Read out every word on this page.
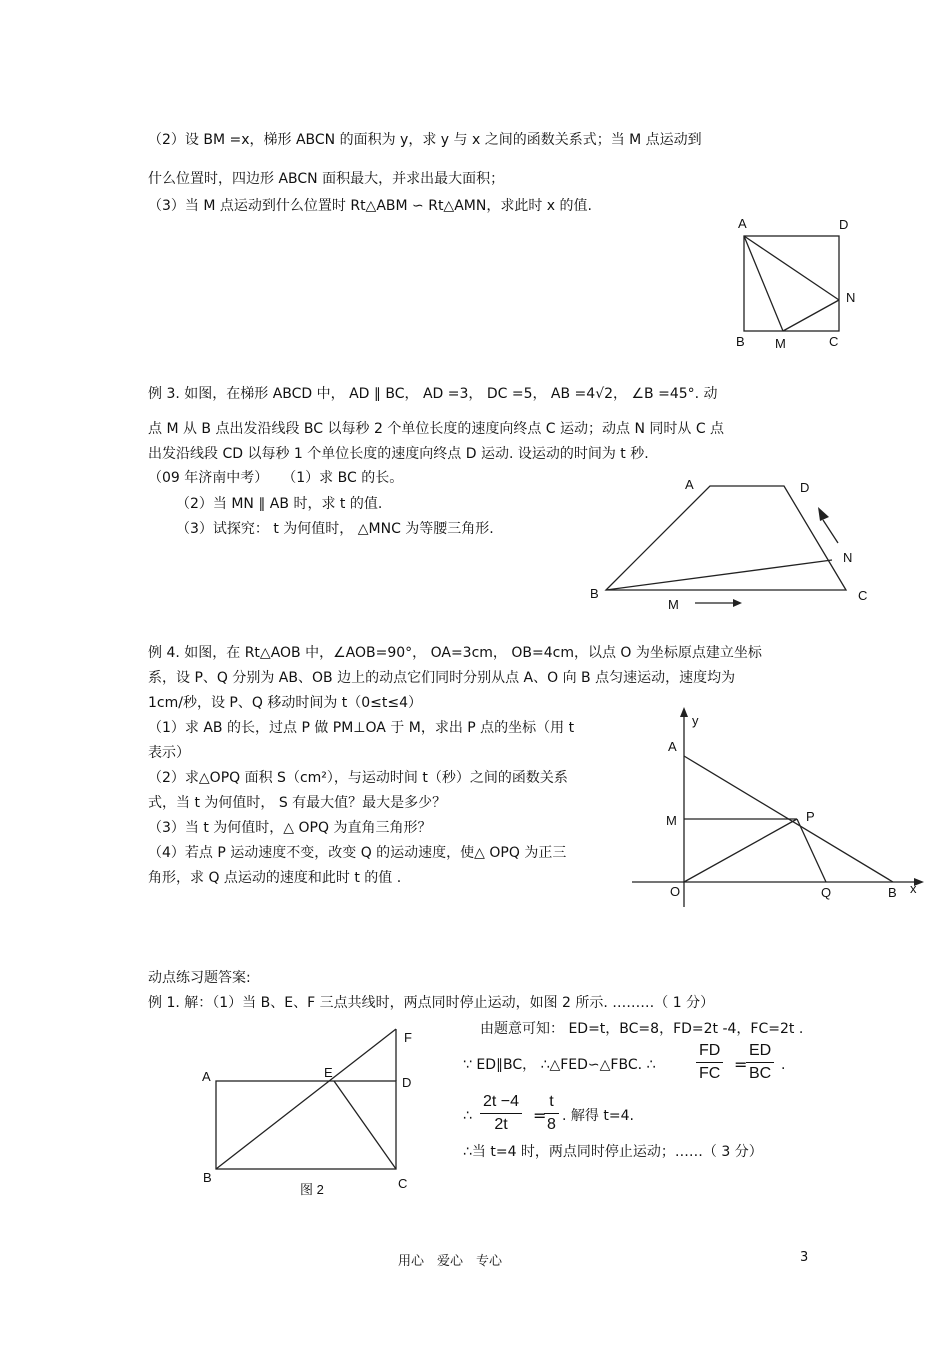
（2）设 BM =x，梯形 ABCN 的面积为 y，求 y 与 x 之间的函数关系式；当 M 点运动到
什么位置时，四边形 ABCN 面积最大，并求出最大面积；
（3）当 M 点运动到什么位置时 Rt△ABM ∽ Rt△AMN，求此时 x 的值.
A	D
N
B M	C
例 3. 如图，在梯形 ABCD 中， AD ∥ BC， AD =3， DC =5， AB =4√2， ∠B =45°. 动
点 M 从 B 点出发沿线段 BC 以每秒 2 个单位长度的速度向终点 C 运动；动点 N 同时从 C 点
出发沿线段 CD 以每秒 1 个单位长度的速度向终点 D 运动. 设运动的时间为 t 秒.
（09 年济南中考）　　（1）求 BC 的长。
（2）当 MN ∥ AB 时，求 t 的值.
（3）试探究： t 为何值时， △MNC 为等腰三角形.
A	D
N
B
M
C
例 4. 如图，在 Rt△AOB 中，∠AOB=90°， OA=3cm， OB=4cm，以点 O 为坐标原点建立坐标
系，设 P、Q 分别为 AB、OB 边上的动点它们同时分别从点 A、O 向 B 点匀速运动，速度均为
1cm/秒，设 P、Q 移动时间为 t（0≤t≤4）
（1）求 AB 的长，过点 P 做 PM⊥OA 于 M，求出 P 点的坐标（用 t
表示）
（2）求△OPQ 面积 S（cm²），与运动时间 t（秒）之间的函数关系
式，当 t 为何值时， S 有最大值？最大是多少？
（3）当 t 为何值时，△ OPQ 为直角三角形？
（4）若点 P 运动速度不变，改变 Q 的运动速度，使△ OPQ 为正三
角形，求 Q 点运动的速度和此时 t 的值 .
y
A
M	P
O	Q	B x
动点练习题答案:
例 1. 解：（1）当 B、E、F 三点共线时，两点同时停止运动，如图 2 所示. ………（ 1 分）
由题意可知： ED=t，BC=8，FD=2t -4，FC=2t .
∵ ED∥BC， ∴△FED∽△FBC. ∴	$\frac{FD}{FC}$ =
$\frac{ED}{BC}$ .
∴ $\frac{2t -4}{2t}$ =
$\frac{t}{8}$ . 解得 t=4.
∴当 t=4 时，两点同时停止运动；……（ 3 分）
F
A	E
D
B	C
图 2
用心　爱心　专心	3
